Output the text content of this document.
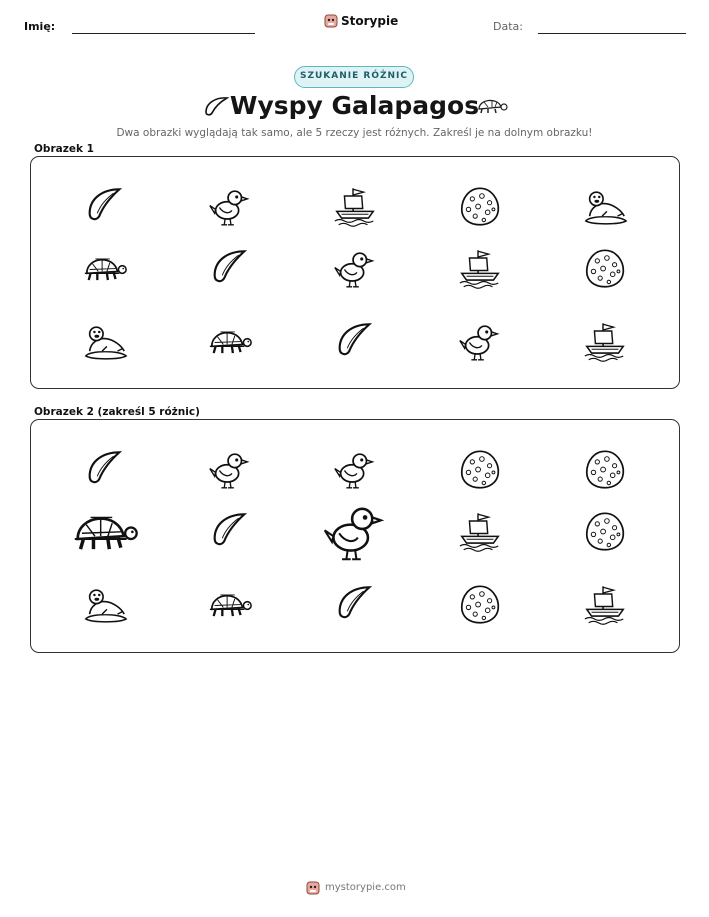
Imię:	Storypie	Data:
SZUKANIE RÓŻNIC
Wyspy Galapagos
Dwa obrazki wyglądają tak samo, ale 5 rzeczy jest różnych. Zakreśl je na dolnym obrazku!
Obrazek 1
Obrazek 2 (zakreśl 5 różnic)
mystorypie.com
